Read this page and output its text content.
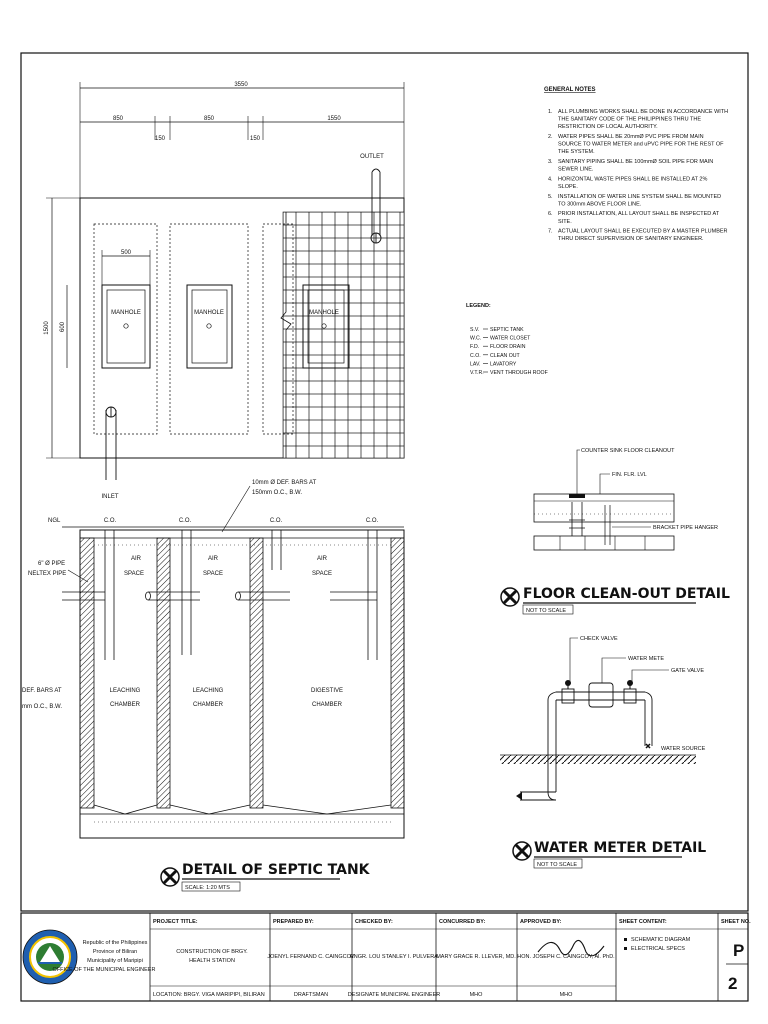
3550
850
150
850
150
1550
1500 600
500
MANHOLE	MANHOLE	MANHOLE
OUTLET
INLET
GENERAL NOTES
1. ALL PLUMBING WORKS SHALL BE DONE IN ACCORDANCE WITH
THE SANITARY CODE OF THE PHILIPPINES THRU THE
RESTRICTION OF LOCAL AUTHORITY.
2. WATER PIPES SHALL BE 20mmØ PVC PIPE FROM MAIN
SOURCE TO WATER METER and uPVC PIPE FOR THE REST OF
THE SYSTEM.
3. SANITARY PIPING SHALL BE 100mmØ SOIL PIPE FOR MAIN
SEWER LINE.
4. HORIZONTAL WASTE PIPES SHALL BE INSTALLED AT 2%
SLOPE.
5. INSTALLATION OF WATER LINE SYSTEM SHALL BE MOUNTED
TO 300mm ABOVE FLOOR LINE.
6. PRIOR INSTALLATION, ALL LAYOUT SHALL BE INSPECTED AT
SITE.
7. ACTUAL LAYOUT SHALL BE EXECUTED BY A MASTER PLUMBER
THRU DIRECT SUPERVISION OF SANITARY ENGINEER.
LEGEND:
S.V. SEPTIC TANK
W.C. WATER CLOSET
F.D. FLOOR DRAIN
C.O. CLEAN OUT
LAV. LAVATORY
V.T.R. VENT THROUGH ROOF
10mm Ø DEF. BARS AT
150mm O.C., B.W.
NGL	C.O.	C.O.	C.O.	C.O.
6" Ø PIPE
NELTEX PIPE
DEF. BARS AT
mm O.C., B.W.
AIR
SPACE
AIR
SPACE
AIR
SPACE
LEACHING
CHAMBER
LEACHING
CHAMBER
DIGESTIVE
CHAMBER
DETAIL OF SEPTIC TANK
SCALE: 1:20 MTS
COUNTER SINK FLOOR CLEANOUT
FIN. FLR. LVL
BRACKET PIPE HANGER
FLOOR CLEAN-OUT DETAIL
NOT TO SCALE
CHECK VALVE
WATER METE
GATE VALVE
WATER SOURCE
WATER METER DETAIL
NOT TO SCALE
Republic of the Philippines
Province of Biliran
Municipality of Maripipi
OFFICE OF THE MUNICIPAL ENGINEER
PROJECT TITLE:
CONSTRUCTION OF BRGY.
HEALTH STATION
LOCATION: BRGY. VIGA MARIPIPI, BILIRAN
PREPARED BY:
JOENYL FERNAND C. CAINGCOY
DRAFTSMAN
CHECKED BY:
ENGR. LOU STANLEY I. PULVERA
DESIGNATE MUNICIPAL ENGINEER
CONCURRED BY:
MARY GRACE R. LLEVER, MD.
MHO
APPROVED BY:
HON. JOSEPH C. CAINGCOY, Al. PhD.
MHO
SHEET CONTENT:
SCHEMATIC DIAGRAM
ELECTRICAL SPECS
SHEET NO.
P
2
